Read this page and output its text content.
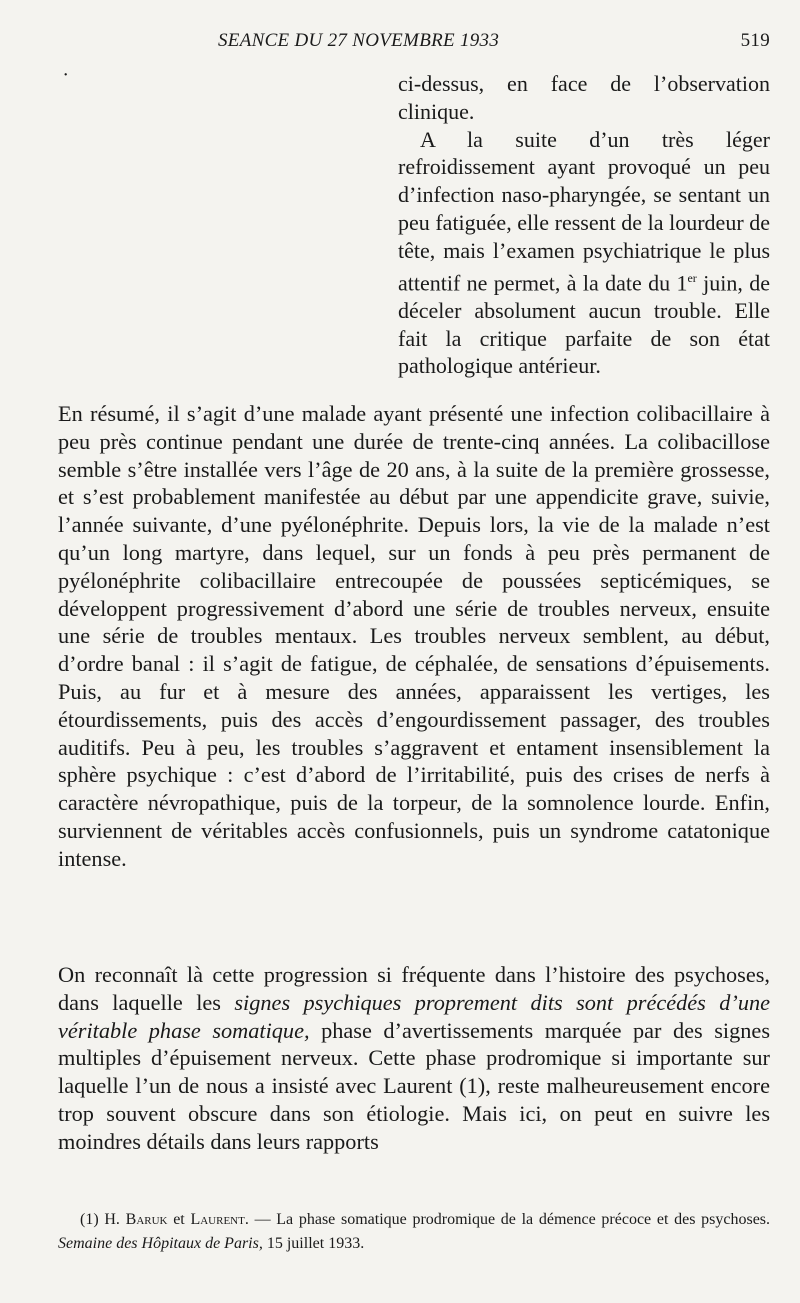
SEANCE DU 27 NOVEMBRE 1933	519
˙	ci-dessus, en face de l’observation clinique.

A la suite d’un très léger refroidissement ayant provoqué un peu d’infection naso-pharyngée, se sentant un peu fatiguée, elle ressent de la lourdeur de tête, mais l’examen psychiatrique le plus attentif ne permet, à la date du 1er juin, de déceler absolument aucun trouble. Elle fait la critique parfaite de son état pathologique antérieur.

En résumé, il s’agit d’une malade ayant présenté une infection colibacillaire à peu près continue pendant une durée de trente-cinq années. La colibacillose semble s’être installée vers l’âge de 20 ans, à la suite de la première grossesse, et s’est probablement manifestée au début par une appendicite grave, suivie, l’année suivante, d’une pyélonéphrite. Depuis lors, la vie de la malade n’est qu’un long martyre, dans lequel, sur un fonds à peu près permanent de pyélonéphrite colibacillaire entrecoupée de poussées septicémiques, se développent progressivement d’abord une série de troubles nerveux, ensuite une série de troubles mentaux. Les troubles nerveux semblent, au début, d’ordre banal : il s’agit de fatigue, de céphalée, de sensations d’épuisements. Puis, au fur et à mesure des années, apparaissent les vertiges, les étourdissements, puis des accès d’engourdissement passager, des troubles auditifs. Peu à peu, les troubles s’aggravent et entament insensiblement la sphère psychique : c’est d’abord de l’irritabilité, puis des crises de nerfs à caractère névropathique, puis de la torpeur, de la somnolence lourde. Enfin, surviennent de véritables accès confusionnels, puis un syndrome catatonique intense.

On reconnaît là cette progression si fréquente dans l’histoire des psychoses, dans laquelle les signes psychiques proprement dits sont précédés d’une véritable phase somatique, phase d’avertissements marquée par des signes multiples d’épuisement nerveux. Cette phase prodromique si importante sur laquelle l’un de nous a insisté avec Laurent (1), reste malheureusement encore trop souvent obscure dans son étiologie. Mais ici, on peut en suivre les moindres détails dans leurs rapports

(1) H. Baruk et Laurent. — La phase somatique prodromique de la démence précoce et des psychoses. Semaine des Hôpitaux de Paris, 15 juillet 1933.
